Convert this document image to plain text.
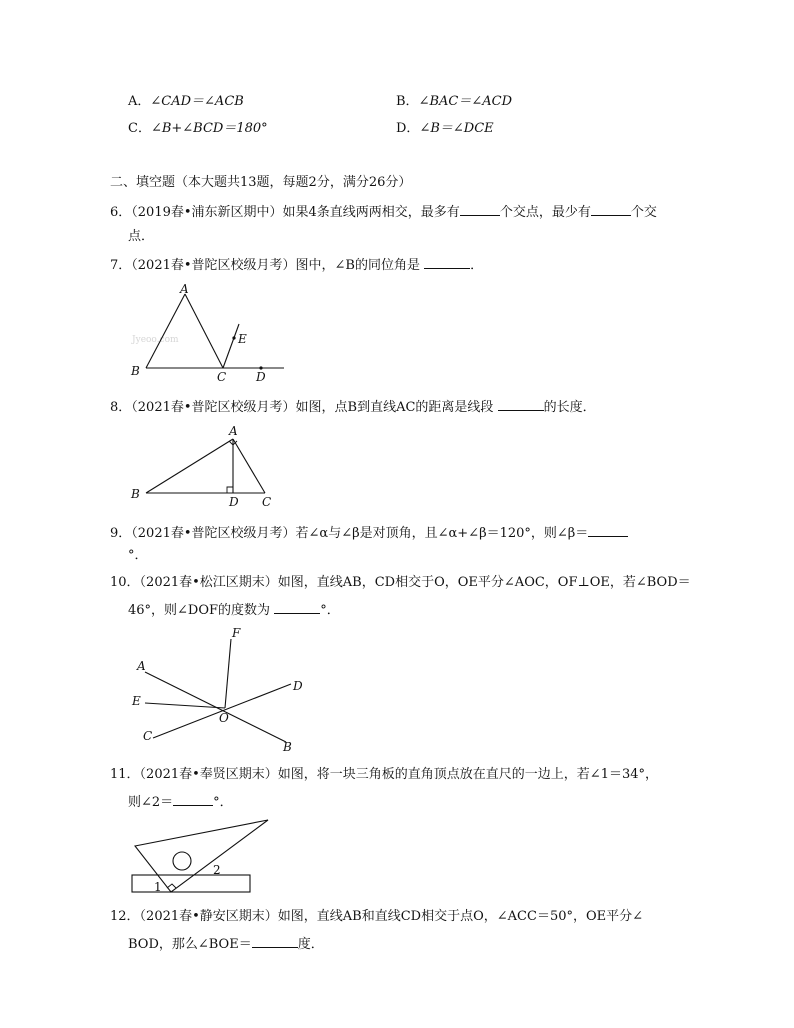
A．∠CAD＝∠ACB	B．∠BAC＝∠ACD
C．∠B+∠BCD＝180°	D．∠B＝∠DCE
二、填空题（本大题共13题，每题2分，满分26分）
6．（2019春•浦东新区期中）如果4条直线两两相交，最多有	个交点，最少有	个交
点．
7．（2021春•普陀区校级月考）图中，∠B的同位角是	．
Jyeoo.com
A
B	C D
E
8．（2021春•普陀区校级月考）如图，点B到直线AC的距离是线段	的长度．
A
B
D C
9．（2021春•普陀区校级月考）若∠α与∠β是对顶角，且∠α+∠β＝120°，则∠β＝
°．
10．（2021春•松江区期末）如图，直线AB，CD相交于O，OE平分∠AOC，OF⊥OE，若∠BOD＝
46°，则∠DOF的度数为	°．
A
B
C
D
E
F
O
11．（2021春•奉贤区期末）如图，将一块三角板的直角顶点放在直尺的一边上，若∠1＝34°，
则∠2＝	°．
1
2
12．（2021春•静安区期末）如图，直线AB和直线CD相交于点O，∠ACC＝50°，OE平分∠
BOD，那么∠BOE＝	度．
